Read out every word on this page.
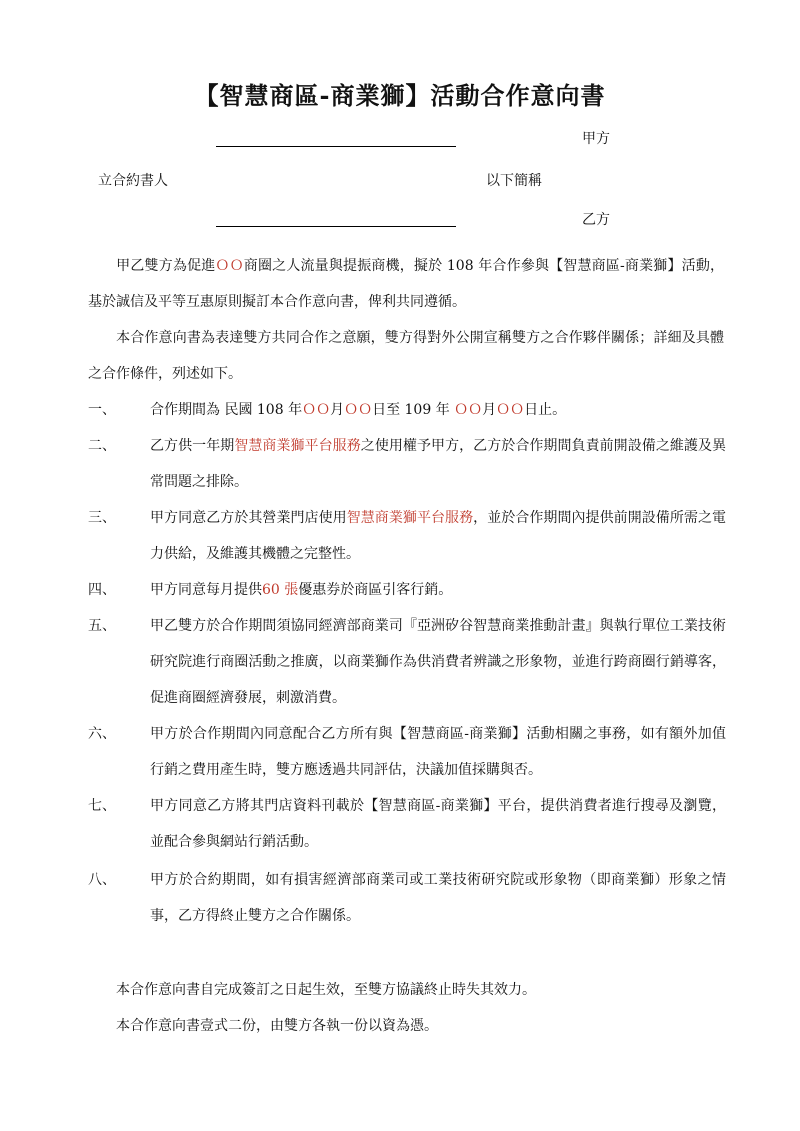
【智慧商區-商業獅】活動合作意向書
甲方
立合約書人	以下簡稱
乙方
甲乙雙方為促進ＯＯ商圈之人流量與提振商機，擬於 108 年合作參與【智慧商區-商業獅】活動，基於誠信及平等互惠原則擬訂本合作意向書，俾利共同遵循。
本合作意向書為表達雙方共同合作之意願，雙方得對外公開宣稱雙方之合作夥伴關係；詳細及具體之合作條件，列述如下。
一、 合作期間為 民國 108 年ＯＯ月ＯＯ日至 109 年 ＯＯ月ＯＯ日止。
二、 乙方供一年期智慧商業獅平台服務之使用權予甲方，乙方於合作期間負責前開設備之維護及異常問題之排除。
三、 甲方同意乙方於其營業門店使用智慧商業獅平台服務，並於合作期間內提供前開設備所需之電力供給，及維護其機體之完整性。
四、 甲方同意每月提供60 張優惠券於商區引客行銷。
五、 甲乙雙方於合作期間須協同經濟部商業司『亞洲矽谷智慧商業推動計畫』與執行單位工業技術研究院進行商圈活動之推廣，以商業獅作為供消費者辨識之形象物，並進行跨商圈行銷導客，促進商圈經濟發展，刺激消費。
六、 甲方於合作期間內同意配合乙方所有與【智慧商區-商業獅】活動相關之事務，如有額外加值行銷之費用產生時，雙方應透過共同評估，決議加值採購與否。
七、 甲方同意乙方將其門店資料刊載於【智慧商區-商業獅】平台，提供消費者進行搜尋及瀏覽，並配合參與網站行銷活動。
八、 甲方於合約期間，如有損害經濟部商業司或工業技術研究院或形象物（即商業獅）形象之情事，乙方得終止雙方之合作關係。
本合作意向書自完成簽訂之日起生效，至雙方協議終止時失其效力。
本合作意向書壹式二份，由雙方各執一份以資為憑。
